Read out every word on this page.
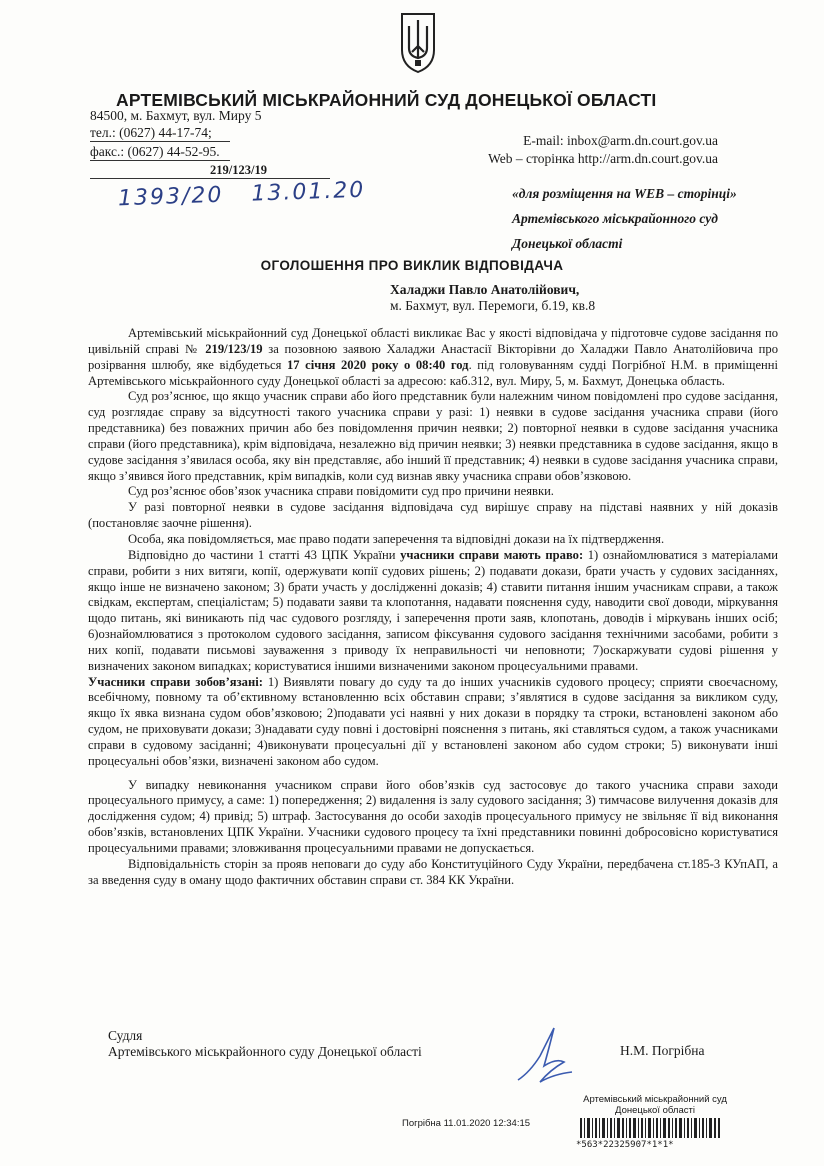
АРТЕМІВСЬКИЙ МІСЬКРАЙОННИЙ СУД ДОНЕЦЬКОЇ ОБЛАСТІ
84500, м. Бахмут, вул. Миру 5
тел.: (0627) 44-17-74;
факс.: (0627) 44-52-95.
E-mail: inbox@arm.dn.court.gov.ua
Web – сторінка http://arm.dn.court.gov.ua
219/123/19
1393/20 13.01.20	«для розміщення на WEB – сторінці»
Артемівського міськрайонного суд
Донецької області
ОГОЛОШЕННЯ ПРО ВИКЛИК ВІДПОВІДАЧА
Халаджи Павло Анатолійович,
м. Бахмут, вул. Перемоги, б.19, кв.8

Артемівський міськрайонний суд Донецької області викликає Вас у якості відповідача у підготовче судове засідання по цивільній справі № 219/123/19 за позовною заявою Халаджи Анастасії Вікторівни до Халаджи Павло Анатолійовича про розірвання шлюбу, яке відбудеться 17 січня 2020 року о 08:40 год. під головуванням судді Погрібної Н.М. в приміщенні Артемівського міськрайонного суду Донецької області за адресою: каб.312, вул. Миру, 5, м. Бахмут, Донецька область.

Суд роз’яснює, що якщо учасник справи або його представник були належним чином повідомлені про судове засідання, суд розглядає справу за відсутності такого учасника справи у разі: 1) неявки в судове засідання учасника справи (його представника) без поважних причин або без повідомлення причин неявки; 2) повторної неявки в судове засідання учасника справи (його представника), крім відповідача, незалежно від причин неявки; 3) неявки представника в судове засідання, якщо в судове засідання з’явилася особа, яку він представляє, або інший її представник; 4) неявки в судове засідання учасника справи, якщо з’явився його представник, крім випадків, коли суд визнав явку учасника справи обов’язковою.

Суд роз’яснює обов’язок учасника справи повідомити суд про причини неявки.

У разі повторної неявки в судове засідання відповідача суд вирішує справу на підставі наявних у ній доказів (постановляє заочне рішення).

Особа, яка повідомляється, має право подати заперечення та відповідні докази на їх підтвердження.

Відповідно до частини 1 статті 43 ЦПК України учасники справи мають право: 1) ознайомлюватися з матеріалами справи, робити з них витяги, копії, одержувати копії судових рішень; 2) подавати докази, брати участь у судових засіданнях, якщо інше не визначено законом; 3) брати участь у дослідженні доказів; 4) ставити питання іншим учасникам справи, а також свідкам, експертам, спеціалістам; 5) подавати заяви та клопотання, надавати пояснення суду, наводити свої доводи, міркування щодо питань, які виникають під час судового розгляду, і заперечення проти заяв, клопотань, доводів і міркувань інших осіб; 6)ознайомлюватися з протоколом судового засідання, записом фіксування судового засідання технічними засобами, робити з них копії, подавати письмові зауваження з приводу їх неправильності чи неповноти; 7)оскаржувати судові рішення у визначених законом випадках; користуватися іншими визначеними законом процесуальними правами.

Учасники справи зобов’язані: 1) Виявляти повагу до суду та до інших учасників судового процесу; сприяти своєчасному, всебічному, повному та об’єктивному встановленню всіх обставин справи; з’являтися в судове засідання за викликом суду, якщо їх явка визнана судом обов’язковою; 2)подавати усі наявні у них докази в порядку та строки, встановлені законом або судом, не приховувати докази; 3)надавати суду повні і достовірні пояснення з питань, які ставляться судом, а також учасниками справи в судовому засіданні; 4)виконувати процесуальні дії у встановлені законом або судом строки; 5) виконувати інші процесуальні обов’язки, визначені законом або судом.

У випадку невиконання учасником справи його обов’язків суд застосовує до такого учасника справи заходи процесуального примусу, а саме: 1) попередження; 2) видалення із залу судового засідання; 3) тимчасове вилучення доказів для дослідження судом; 4) привід; 5) штраф. Застосування до особи заходів процесуального примусу не звільняє її від виконання обов’язків, встановлених ЦПК України. Учасники судового процесу та їхні представники повинні добросовісно користуватися процесуальними правами; зловживання процесуальними правами не допускається.

Відповідальність сторін за прояв неповаги до суду або Конституційного Суду України, передбачена ст.185-3 КУпАП, а за введення суду в оману щодо фактичних обставин справи ст. 384 КК України.

Судля
Артемівського міськрайонного суду Донецької області	Н.М. Погрібна
Артемівський міськрайонний суд
Донецької області
Погрібна 11.01.2020 12:34:15
*563*22325907*1*1*
